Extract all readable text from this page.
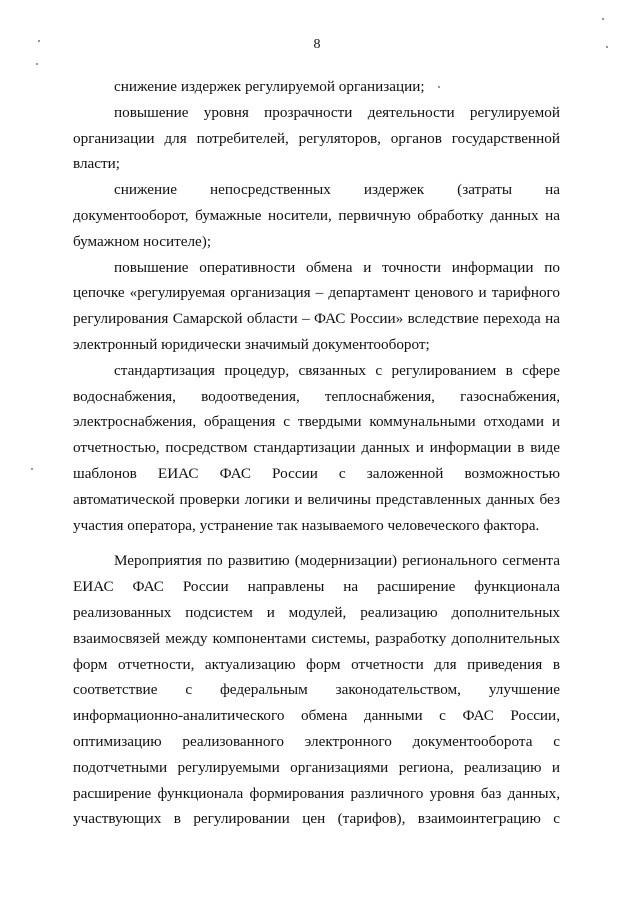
8

снижение издержек регулируемой организации;

повышение уровня прозрачности деятельности регулируемой организации для потребителей, регуляторов, органов государственной власти;

снижение непосредственных издержек (затраты на документооборот, бумажные носители, первичную обработку данных на бумажном носителе);

повышение оперативности обмена и точности информации по цепочке «регулируемая организация – департамент ценового и тарифного регулирования Самарской области – ФАС России» вследствие перехода на электронный юридически значимый документооборот;

стандартизация процедур, связанных с регулированием в сфере водоснабжения, водоотведения, теплоснабжения, газоснабжения, электроснабжения, обращения с твердыми коммунальными отходами и отчетностью, посредством стандартизации данных и информации в виде шаблонов ЕИАС ФАС России с заложенной возможностью автоматической проверки логики и величины представленных данных без участия оператора, устранение так называемого человеческого фактора.

Мероприятия по развитию (модернизации) регионального сегмента ЕИАС ФАС России направлены на расширение функционала реализованных подсистем и модулей, реализацию дополнительных взаимосвязей между компонентами системы, разработку дополнительных форм отчетности, актуализацию форм отчетности для приведения в соответствие с федеральным законодательством, улучшение информационно-аналитического обмена данными с ФАС России, оптимизацию реализованного электронного документооборота с подотчетными регулируемыми организациями региона, реализацию и расширение функционала формирования различного уровня баз данных, участвующих в регулировании цен (тарифов), взаимоинтеграцию с
